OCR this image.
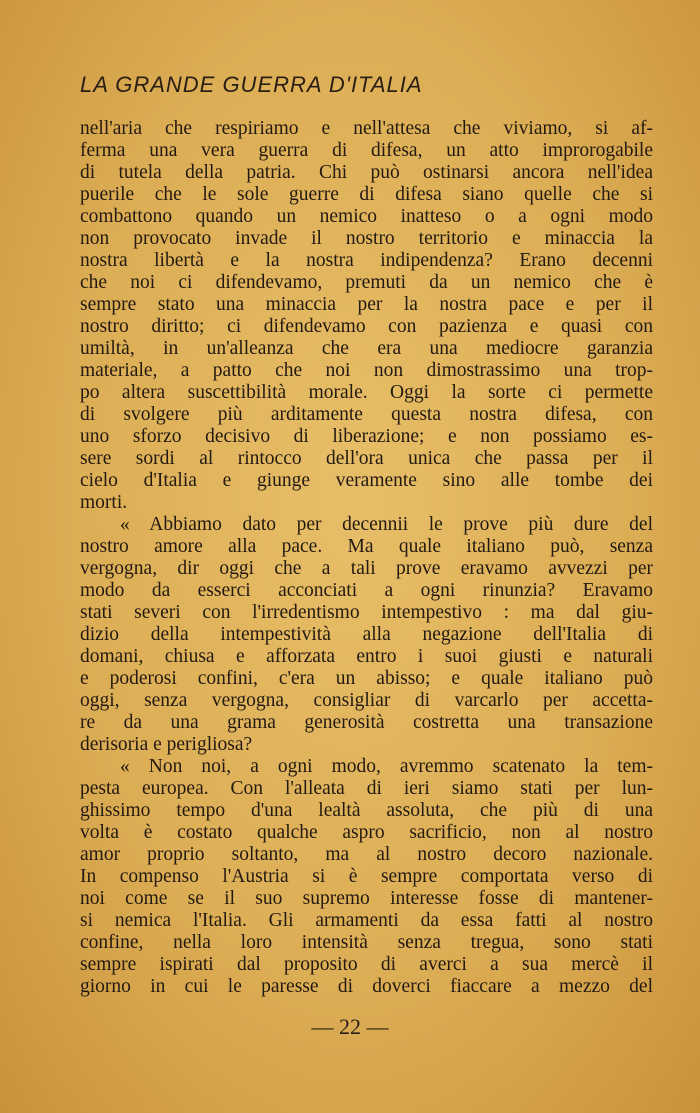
LA GRANDE GUERRA D'ITALIA
nell'aria che respiriamo e nell'attesa che viviamo, si af-
ferma una vera guerra di difesa, un atto improrogabile
di tutela della patria. Chi può ostinarsi ancora nell'idea
puerile che le sole guerre di difesa siano quelle che si
combattono quando un nemico inatteso o a ogni modo
non provocato invade il nostro territorio e minaccia la
nostra libertà e la nostra indipendenza? Erano decenni
che noi ci difendevamo, premuti da un nemico che è
sempre stato una minaccia per la nostra pace e per il
nostro diritto; ci difendevamo con pazienza e quasi con
umiltà, in un'alleanza che era una mediocre garanzia
materiale, a patto che noi non dimostrassimo una trop-
po altera suscettibilità morale. Oggi la sorte ci permette
di svolgere più arditamente questa nostra difesa, con
uno sforzo decisivo di liberazione; e non possiamo es-
sere sordi al rintocco dell'ora unica che passa per il
cielo d'Italia e giunge veramente sino alle tombe dei
morti.
« Abbiamo dato per decennii le prove più dure del
nostro amore alla pace. Ma quale italiano può, senza
vergogna, dir oggi che a tali prove eravamo avvezzi per
modo da esserci acconciati a ogni rinunzia? Eravamo
stati severi con l'irredentismo intempestivo : ma dal giu-
dizio della intempestività alla negazione dell'Italia di
domani, chiusa e afforzata entro i suoi giusti e naturali
e poderosi confini, c'era un abisso; e quale italiano può
oggi, senza vergogna, consigliar di varcarlo per accetta-
re da una grama generosità costretta una transazione
derisoria e perigliosa?
« Non noi, a ogni modo, avremmo scatenato la tem-
pesta europea. Con l'alleata di ieri siamo stati per lun-
ghissimo tempo d'una lealtà assoluta, che più di una
volta è costato qualche aspro sacrificio, non al nostro
amor proprio soltanto, ma al nostro decoro nazionale.
In compenso l'Austria si è sempre comportata verso di
noi come se il suo supremo interesse fosse di mantener-
si nemica l'Italia. Gli armamenti da essa fatti al nostro
confine, nella loro intensità senza tregua, sono stati
sempre ispirati dal proposito di averci a sua mercè il
giorno in cui le paresse di doverci fiaccare a mezzo del
— 22 —
